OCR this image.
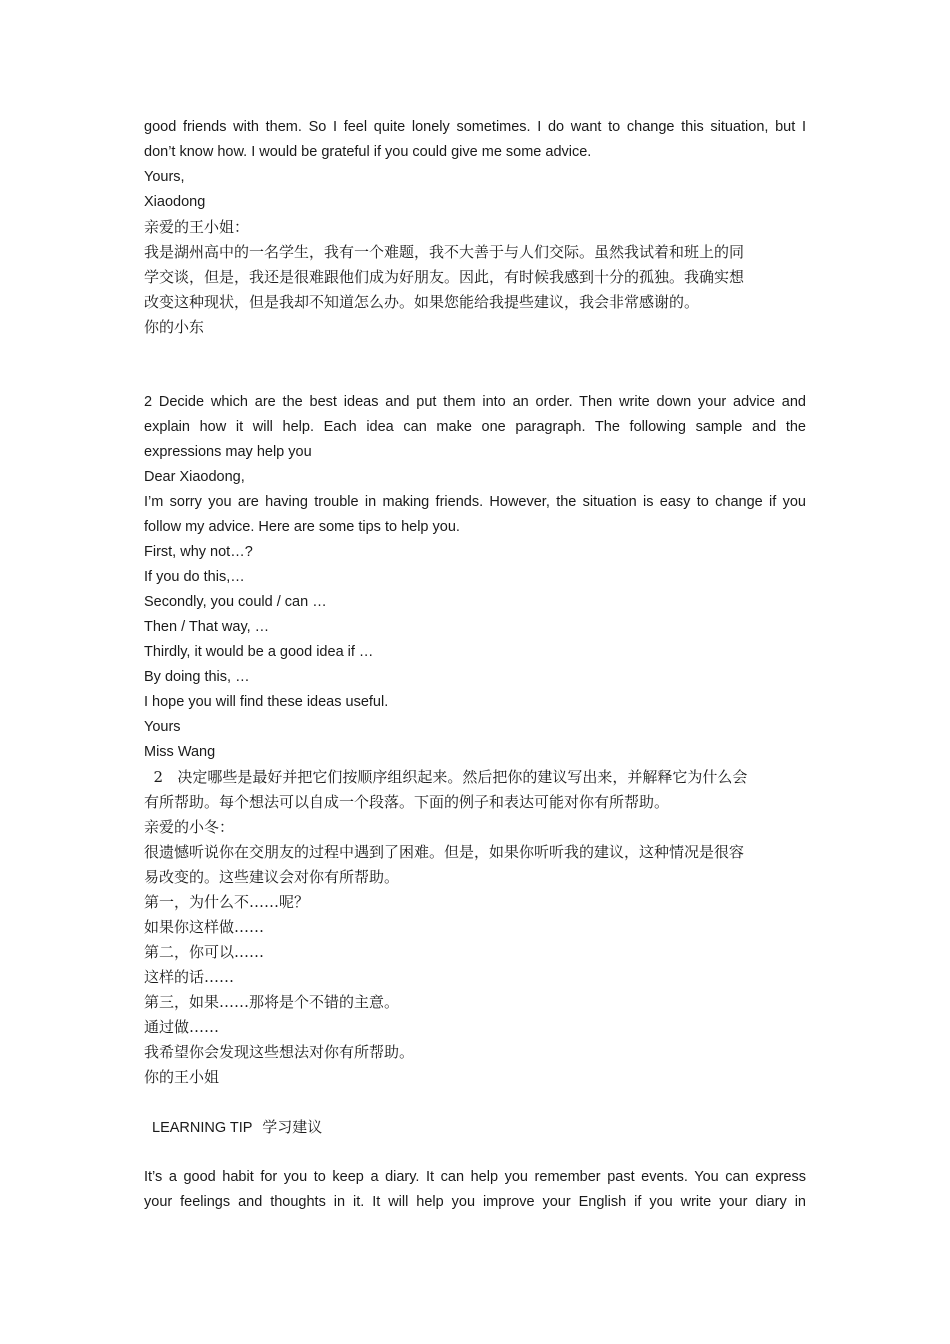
good friends with them. So I feel quite lonely sometimes. I do want to change this situation, but I
don’t know how. I would be grateful if you could give me some advice.
Yours,
Xiaodong
亲爱的王小姐：
我是湖州高中的一名学生，我有一个难题，我不大善于与人们交际。虽然我试着和班上的同
学交谈，但是，我还是很难跟他们成为好朋友。因此，有时候我感到十分的孤独。我确实想
改变这种现状，但是我却不知道怎么办。如果您能给我提些建议，我会非常感谢的。
你的小东
2 Decide which are the best ideas and put them into an order. Then write down your advice and
explain how it will help. Each idea can make one paragraph. The following sample and the
expressions may help you
Dear Xiaodong,
I’m sorry you are having trouble in making friends. However, the situation is easy to change if you
follow my advice. Here are some tips to help you.
First, why not…?
If you do this,…
Secondly, you could / can …
Then / That way, …
Thirdly, it would be a good idea if …
By doing this, …
I hope you will find these ideas useful.
Yours
Miss Wang
2   决定哪些是最好并把它们按顺序组织起来。然后把你的建议写出来，并解释它为什么会
有所帮助。每个想法可以自成一个段落。下面的例子和表达可能对你有所帮助。
亲爱的小冬：
很遗憾听说你在交朋友的过程中遇到了困难。但是，如果你听听我的建议，这种情况是很容
易改变的。这些建议会对你有所帮助。
第一，为什么不……呢？
如果你这样做……
第二，你可以……
这样的话……
第三，如果……那将是个不错的主意。
通过做……
我希望你会发现这些想法对你有所帮助。
你的王小姐
LEARNING TIP 学习建议
It’s a good habit for you to keep a diary. It can help you remember past events. You can express
your feelings and thoughts in it. It will help you improve your English if you write your diary in
